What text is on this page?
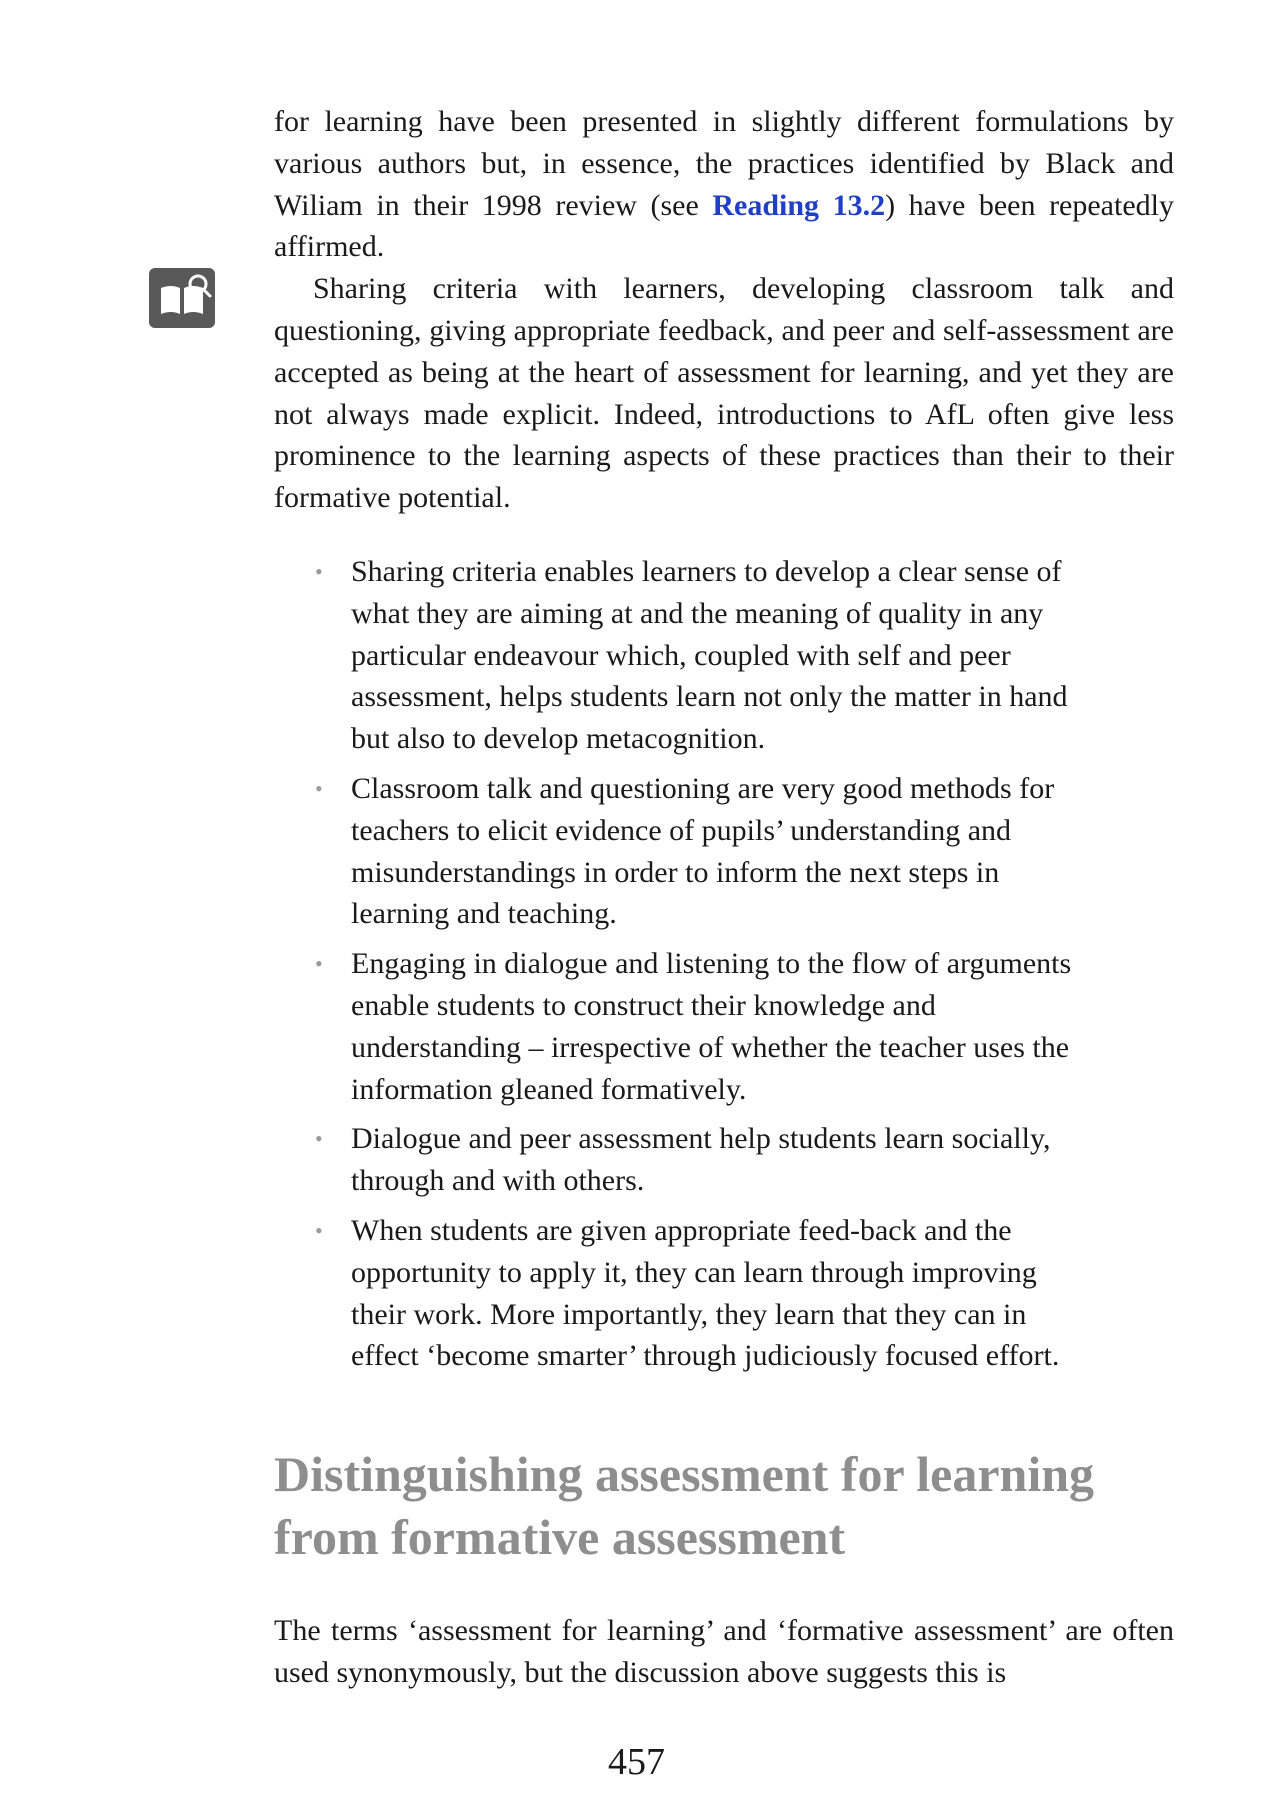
for learning have been presented in slightly different formulations by various authors but, in essence, the practices identified by Black and Wiliam in their 1998 review (see Reading 13.2) have been repeatedly affirmed.

Sharing criteria with learners, developing classroom talk and questioning, giving appropriate feedback, and peer and self-assessment are accepted as being at the heart of assessment for learning, and yet they are not always made explicit. Indeed, introductions to AfL often give less prominence to the learning aspects of these practices than their to their formative potential.

• Sharing criteria enables learners to develop a clear sense of what they are aiming at and the meaning of quality in any particular endeavour which, coupled with self and peer assessment, helps students learn not only the matter in hand but also to develop metacognition.
• Classroom talk and questioning are very good methods for teachers to elicit evidence of pupils’ understanding and misunderstandings in order to inform the next steps in learning and teaching.
• Engaging in dialogue and listening to the flow of arguments enable students to construct their knowledge and understanding – irrespective of whether the teacher uses the information gleaned formatively.
• Dialogue and peer assessment help students learn socially, through and with others.
• When students are given appropriate feed-back and the opportunity to apply it, they can learn through improving their work. More importantly, they learn that they can in effect ‘become smarter’ through judiciously focused effort.
Distinguishing assessment for learning from formative assessment

The terms ‘assessment for learning’ and ‘formative assessment’ are often used synonymously, but the discussion above suggests this is

457
